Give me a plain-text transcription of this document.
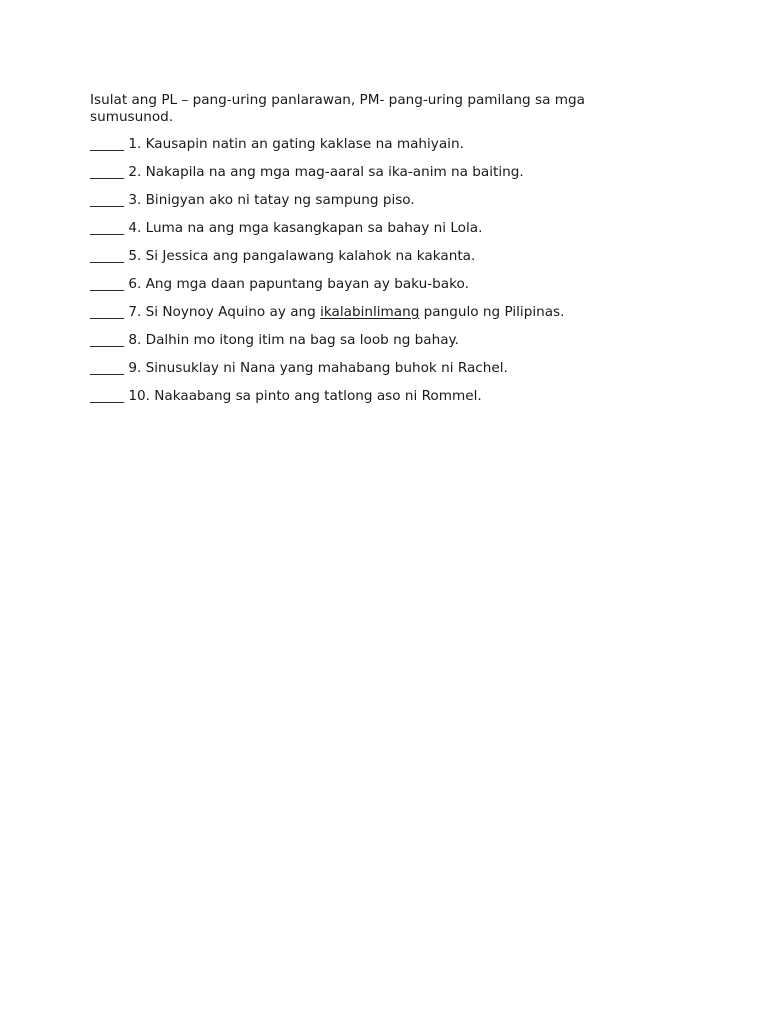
Isulat ang PL – pang-uring panlarawan, PM- pang-uring pamilang sa mga sumusunod.

_____ 1. Kausapin natin an gating kaklase na mahiyain.
_____ 2. Nakapila na ang mga mag-aaral sa ika-anim na baiting.
_____ 3. Binigyan ako ni tatay ng sampung piso.
_____ 4. Luma na ang mga kasangkapan sa bahay ni Lola.
_____ 5. Si Jessica ang pangalawang kalahok na kakanta.
_____ 6. Ang mga daan papuntang bayan ay baku-bako.
_____ 7. Si Noynoy Aquino ay ang ikalabinlimang pangulo ng Pilipinas.
_____ 8. Dalhin mo itong itim na bag sa loob ng bahay.
_____ 9. Sinusuklay ni Nana yang mahabang buhok ni Rachel.
_____ 10. Nakaabang sa pinto ang tatlong aso ni Rommel.
